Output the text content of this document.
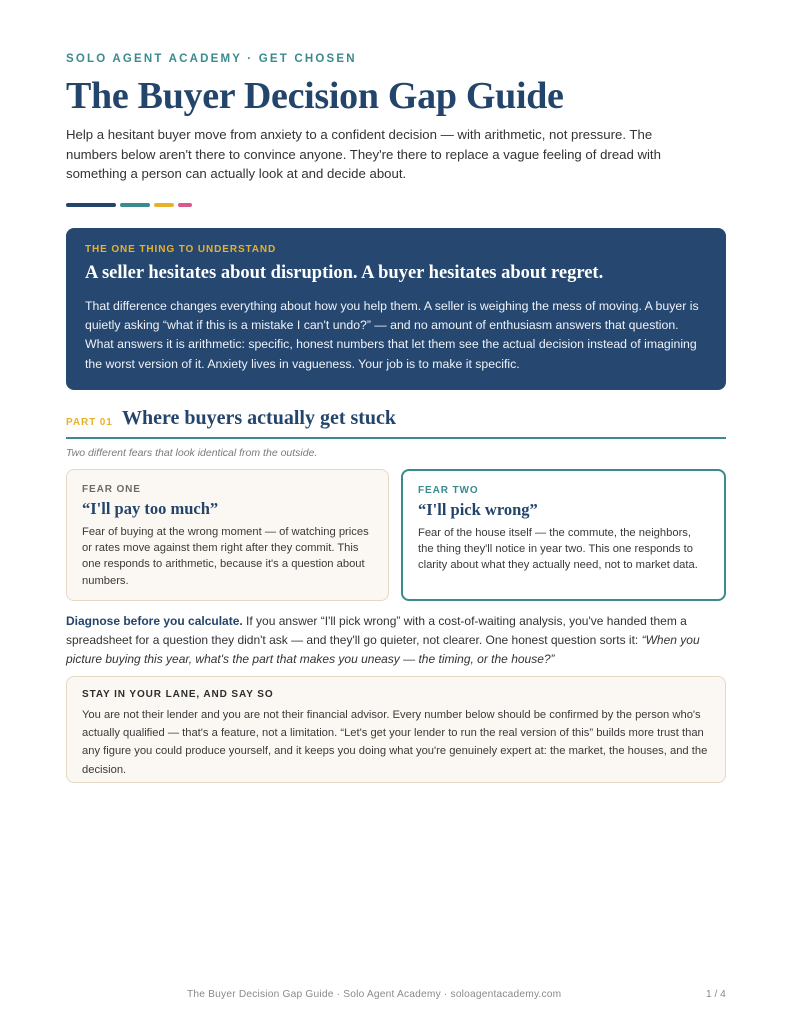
SOLO AGENT ACADEMY · GET CHOSEN
The Buyer Decision Gap Guide

Help a hesitant buyer move from anxiety to a confident decision — with arithmetic, not pressure. The numbers below aren't there to convince anyone. They're there to replace a vague feeling of dread with something a person can actually look at and decide about.

THE ONE THING TO UNDERSTAND
A seller hesitates about disruption. A buyer hesitates about regret.

That difference changes everything about how you help them. A seller is weighing the mess of moving. A buyer is quietly asking “what if this is a mistake I can't undo?” — and no amount of enthusiasm answers that question. What answers it is arithmetic: specific, honest numbers that let them see the actual decision instead of imagining the worst version of it. Anxiety lives in vagueness. Your job is to make it specific.

PART 01 Where buyers actually get stuck

Two different fears that look identical from the outside.

FEAR ONE
“I'll pay too much”

Fear of buying at the wrong moment — of watching prices or rates move against them right after they commit. This one responds to arithmetic, because it's a question about numbers.

FEAR TWO
“I'll pick wrong”

Fear of the house itself — the commute, the neighbors, the thing they'll notice in year two. This one responds to clarity about what they actually need, not to market data.

Diagnose before you calculate. If you answer “I'll pick wrong” with a cost-of-waiting analysis, you've handed them a spreadsheet for a question they didn't ask — and they'll go quieter, not clearer. One honest question sorts it: “When you picture buying this year, what's the part that makes you uneasy — the timing, or the house?”

STAY IN YOUR LANE, AND SAY SO

You are not their lender and you are not their financial advisor. Every number below should be confirmed by the person who's actually qualified — that's a feature, not a limitation. “Let's get your lender to run the real version of this” builds more trust than any figure you could produce yourself, and it keeps you doing what you're genuinely expert at: the market, the houses, and the decision.

The Buyer Decision Gap Guide · Solo Agent Academy · soloagentacademy.com	1 / 4
